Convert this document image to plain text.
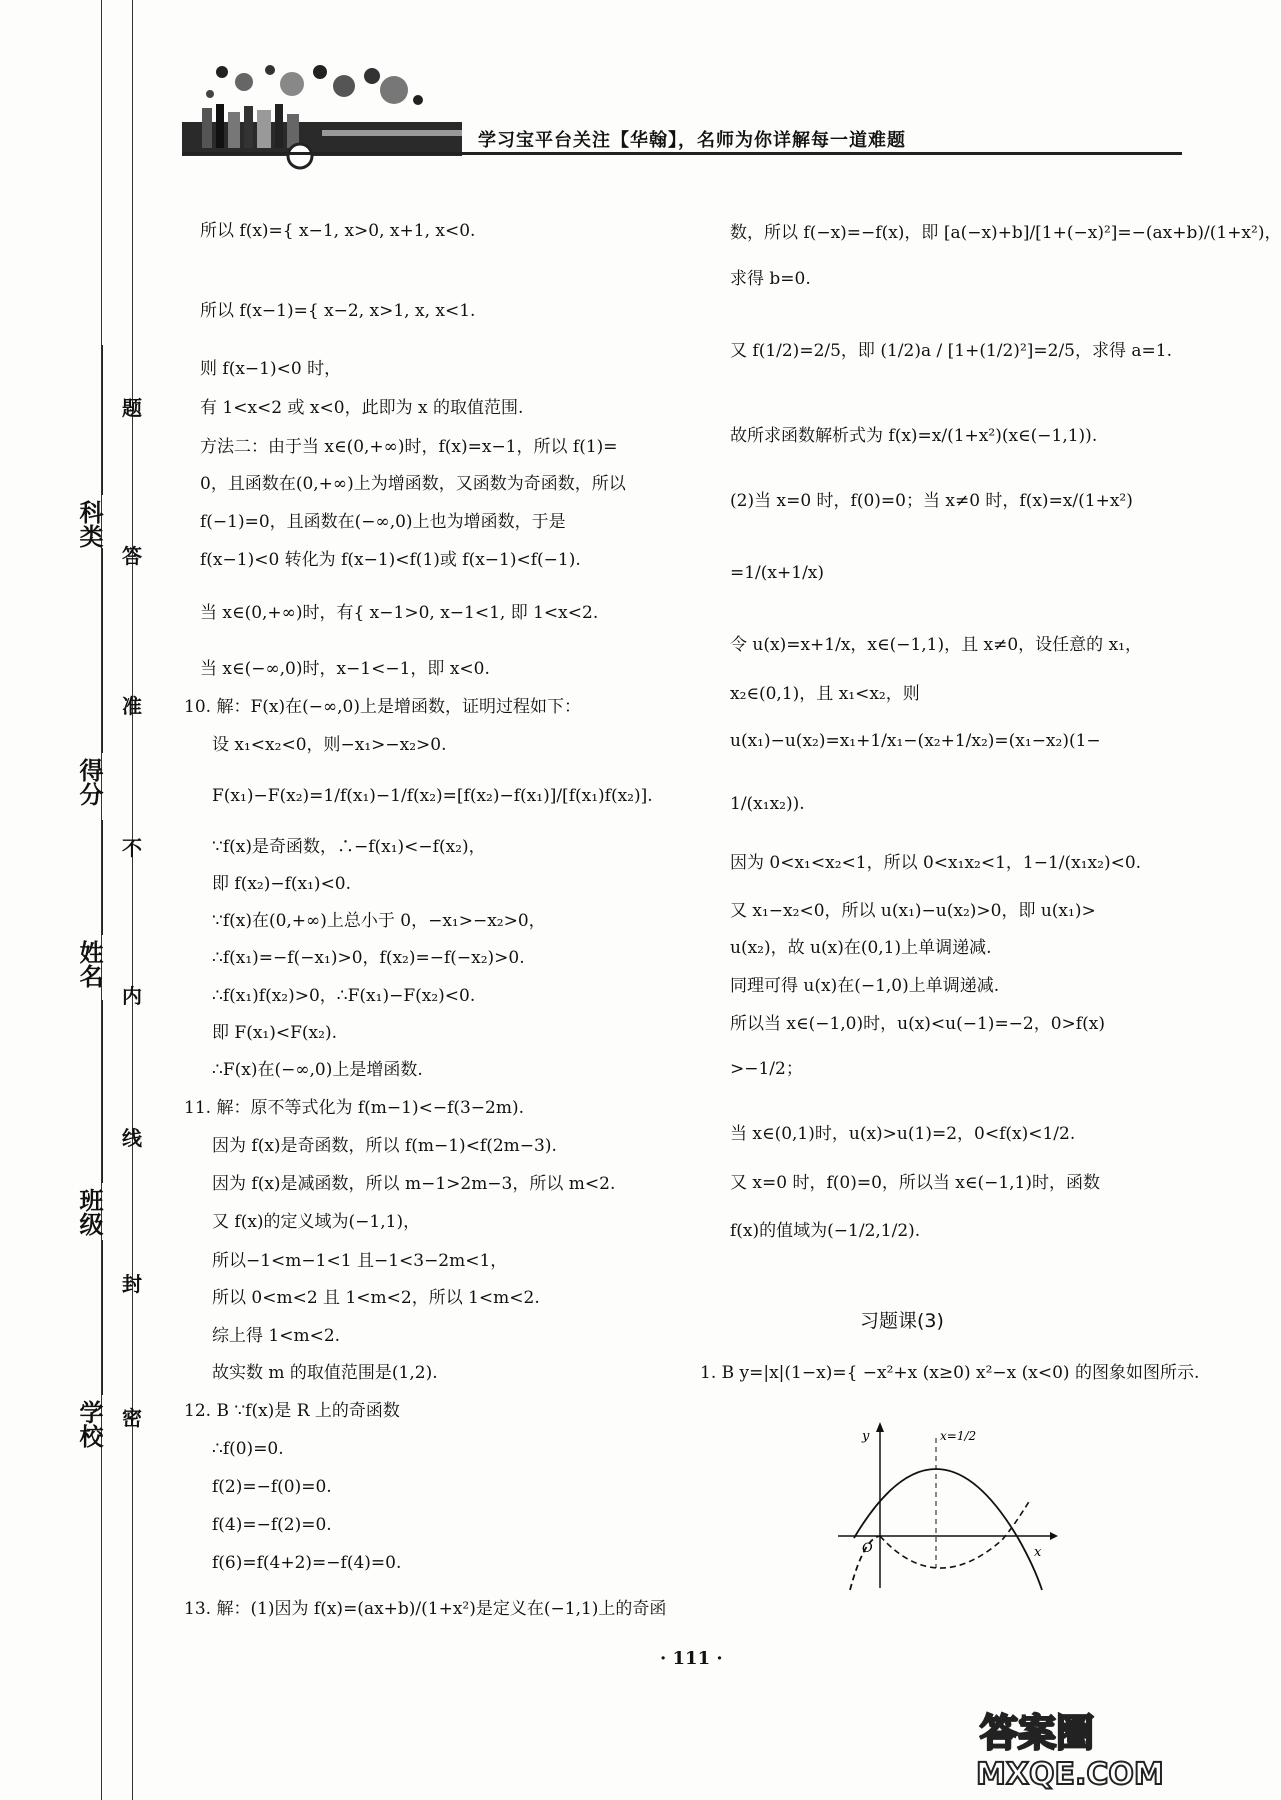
科类
得分
姓名
班级
学校
题
答
准
不
内
线
封
密
学习宝平台关注【华翰】，名师为你详解每一道难题
所以 f(x)={ x−1, x>0, x+1, x<0.
所以 f(x−1)={ x−2, x>1, x, x<1.
则 f(x−1)<0 时，
有 1<x<2 或 x<0，此即为 x 的取值范围.
方法二：由于当 x∈(0,+∞)时，f(x)=x−1，所以 f(1)=
0，且函数在(0,+∞)上为增函数，又函数为奇函数，所以
f(−1)=0，且函数在(−∞,0)上也为增函数，于是
f(x−1)<0 转化为 f(x−1)<f(1)或 f(x−1)<f(−1).
当 x∈(0,+∞)时，有{ x−1>0, x−1<1, 即 1<x<2.
当 x∈(−∞,0)时，x−1<−1，即 x<0.
10. 解：F(x)在(−∞,0)上是增函数，证明过程如下：
设 x₁<x₂<0，则−x₁>−x₂>0.
F(x₁)−F(x₂)=1/f(x₁)−1/f(x₂)=[f(x₂)−f(x₁)]/[f(x₁)f(x₂)].
∵f(x)是奇函数，∴−f(x₁)<−f(x₂)，
即 f(x₂)−f(x₁)<0.
∵f(x)在(0,+∞)上总小于 0，−x₁>−x₂>0，
∴f(x₁)=−f(−x₁)>0，f(x₂)=−f(−x₂)>0.
∴f(x₁)f(x₂)>0，∴F(x₁)−F(x₂)<0.
即 F(x₁)<F(x₂).
∴F(x)在(−∞,0)上是增函数.
11. 解：原不等式化为 f(m−1)<−f(3−2m).
因为 f(x)是奇函数，所以 f(m−1)<f(2m−3).
因为 f(x)是减函数，所以 m−1>2m−3，所以 m<2.
又 f(x)的定义域为(−1,1)，
所以−1<m−1<1 且−1<3−2m<1，
所以 0<m<2 且 1<m<2，所以 1<m<2.
综上得 1<m<2.
故实数 m 的取值范围是(1,2).
12. B ∵f(x)是 R 上的奇函数
∴f(0)=0.
f(2)=−f(0)=0.
f(4)=−f(2)=0.
f(6)=f(4+2)=−f(4)=0.
13. 解：(1)因为 f(x)=(ax+b)/(1+x²)是定义在(−1,1)上的奇函
数，所以 f(−x)=−f(x)，即 [a(−x)+b]/[1+(−x)²]=−(ax+b)/(1+x²)，
求得 b=0.
又 f(1/2)=2/5，即 (1/2)a / [1+(1/2)²]=2/5，求得 a=1.
故所求函数解析式为 f(x)=x/(1+x²)(x∈(−1,1)).
(2)当 x=0 时，f(0)=0；当 x≠0 时，f(x)=x/(1+x²)
=1/(x+1/x)
令 u(x)=x+1/x，x∈(−1,1)，且 x≠0，设任意的 x₁，
x₂∈(0,1)，且 x₁<x₂，则
u(x₁)−u(x₂)=x₁+1/x₁−(x₂+1/x₂)=(x₁−x₂)(1−
1/(x₁x₂)).
因为 0<x₁<x₂<1，所以 0<x₁x₂<1，1−1/(x₁x₂)<0.
又 x₁−x₂<0，所以 u(x₁)−u(x₂)>0，即 u(x₁)>
u(x₂)，故 u(x)在(0,1)上单调递减.
同理可得 u(x)在(−1,0)上单调递减.
所以当 x∈(−1,0)时，u(x)<u(−1)=−2，0>f(x)
>−1/2；
当 x∈(0,1)时，u(x)>u(1)=2，0<f(x)<1/2.
又 x=0 时，f(0)=0，所以当 x∈(−1,1)时，函数
f(x)的值域为(−1/2,1/2).
习题课(3)
1. B y=|x|(1−x)={ −x²+x (x≥0) x²−x (x<0) 的图象如图所示.
y
x
O
x=1/2
· 111 ·
答案圈
MXQE.COM
